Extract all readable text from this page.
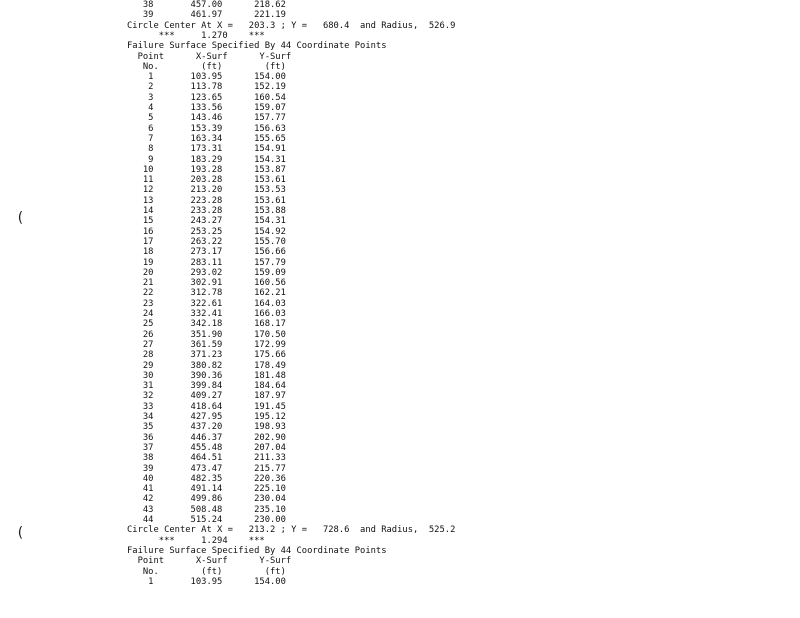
38       457.00      218.62
39       461.97      221.19
Circle Center At X =   203.3 ; Y =   680.4  and Radius,  526.9
***     1.270    ***
Failure Surface Specified By 44 Coordinate Points
Point      X-Surf      Y-Surf
No.        (ft)        (ft)
1       103.95      154.00
2       113.78      152.19
3       123.65      160.54
4       133.56      159.07
5       143.46      157.77
6       153.39      156.63
7       163.34      155.65
8       173.31      154.91
9       183.29      154.31
10       193.28      153.87
11       203.28      153.61
12       213.20      153.53
13       223.28      153.61
14       233.28      153.88
15       243.27      154.31
16       253.25      154.92
17       263.22      155.70
18       273.17      156.66
19       283.11      157.79
20       293.02      159.09
21       302.91      160.56
22       312.78      162.21
23       322.61      164.03
24       332.41      166.03
25       342.18      168.17
26       351.90      170.50
27       361.59      172.99
28       371.23      175.66
29       380.82      178.49
30       390.36      181.48
31       399.84      184.64
32       409.27      187.97
33       418.64      191.45
34       427.95      195.12
35       437.20      198.93
36       446.37      202.90
37       455.48      207.04
38       464.51      211.33
39       473.47      215.77
40       482.35      220.36
41       491.14      225.10
42       499.86      230.04
43       508.48      235.10
44       515.24      230.00
Circle Center At X =   213.2 ; Y =   728.6  and Radius,  525.2
***     1.294    ***
Failure Surface Specified By 44 Coordinate Points
Point      X-Surf      Y-Surf
No.        (ft)        (ft)
1       103.95      154.00
(
(
